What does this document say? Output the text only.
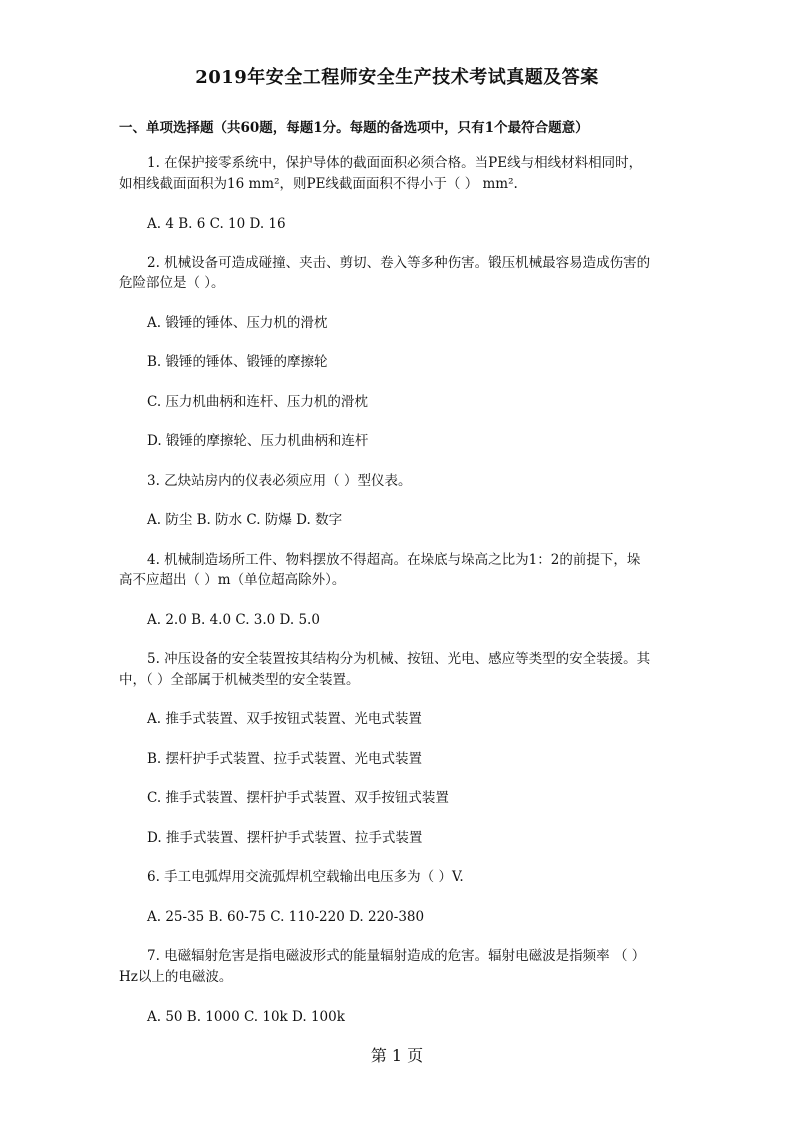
2019年安全工程师安全生产技术考试真题及答案
一、单项选择题（共60题，每题1分。每题的备选项中，只有1个最符合题意）
1. 在保护接零系统中，保护导体的截面面积必须合格。当PE线与相线材料相同时，
如相线截面面积为16 mm²，则PE线截面面积不得小于（ ） mm².
A. 4 B. 6 C. 10 D. 16
2. 机械设备可造成碰撞、夹击、剪切、卷入等多种伤害。锻压机械最容易造成伤害的
危险部位是（ ）。
A. 锻锤的锤体、压力机的滑枕
B. 锻锤的锤体、锻锤的摩擦轮
C. 压力机曲柄和连杆、压力机的滑枕
D. 锻锤的摩擦轮、压力机曲柄和连杆
3. 乙炔站房内的仪表必须应用（ ）型仪表。
A. 防尘 B. 防水 C. 防爆 D. 数字
4. 机械制造场所工件、物料摆放不得超高。在垛底与垛高之比为1：2的前提下，垛
高不应超出（ ）m（单位超高除外）。
A. 2.0 B. 4.0 C. 3.0 D. 5.0
5. 冲压设备的安全装置按其结构分为机械、按钮、光电、感应等类型的安全装援。其
中，（ ）全部属于机械类型的安全装置。
A. 推手式装置、双手按钮式装置、光电式装置
B. 摆杆护手式装置、拉手式装置、光电式装置
C. 推手式装置、摆杆护手式装置、双手按钮式装置
D. 推手式装置、摆杆护手式装置、拉手式装置
6. 手工电弧焊用交流弧焊机空载输出电压多为（ ）V.
A. 25-35 B. 60-75 C. 110-220 D. 220-380
7. 电磁辐射危害是指电磁波形式的能量辐射造成的危害。辐射电磁波是指频率 （ ）
Hz以上的电磁波。
A. 50 B. 1000 C. 10k D. 100k
第 1 页
